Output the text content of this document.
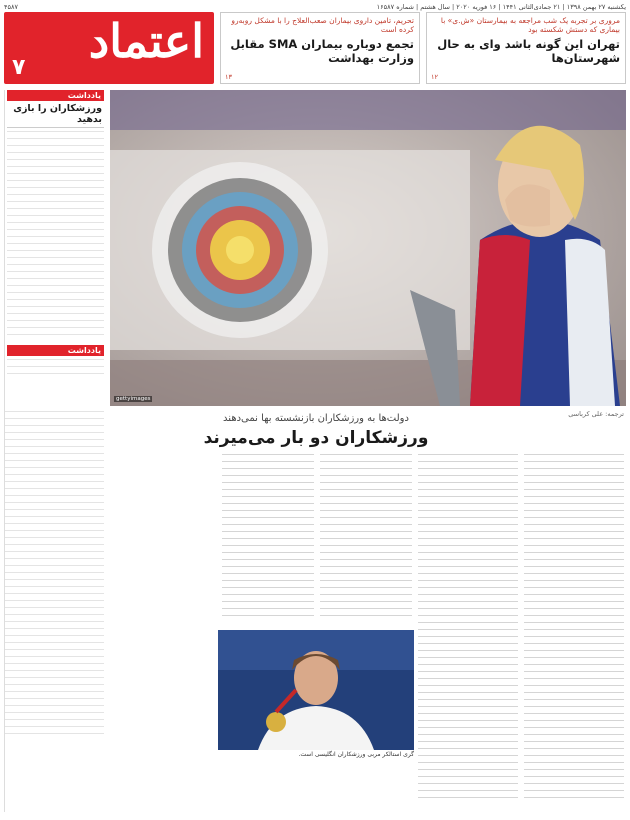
یکشنبه ۲۷ بهمن ۱۳۹۸ | ۲۱ جمادی‌الثانی ۱۴۴۱ | ۱۶ فوریه ۲۰۲۰ | سال هشتم | شماره ۱۶۵۸۷
۴۵۸۷
مروری بر تجربه یک شب مراجعه به بیمارستان «ش.ی» با بیماری که دستش شکسته بود
تهران این گونه باشد وای به حال شهرستان‌ها
۱۲
تحریم، تامین داروی بیماران صعب‌العلاج را با مشکل روبه‌رو کرده است
تجمع دوباره بیماران SMA مقابل وزارت بهداشت
۱۳
اعتماد
۷
یادداشت
ورزشکاران را بازی بدهید
یادداشت
gettyimages
ترجمه: علی کرباسی
دولت‌ها به ورزشکاران بازنشسته بها نمی‌دهند
ورزشکاران دو بار می‌میرند
گری استالکر مربی ورزشکاران انگلیسی است.
